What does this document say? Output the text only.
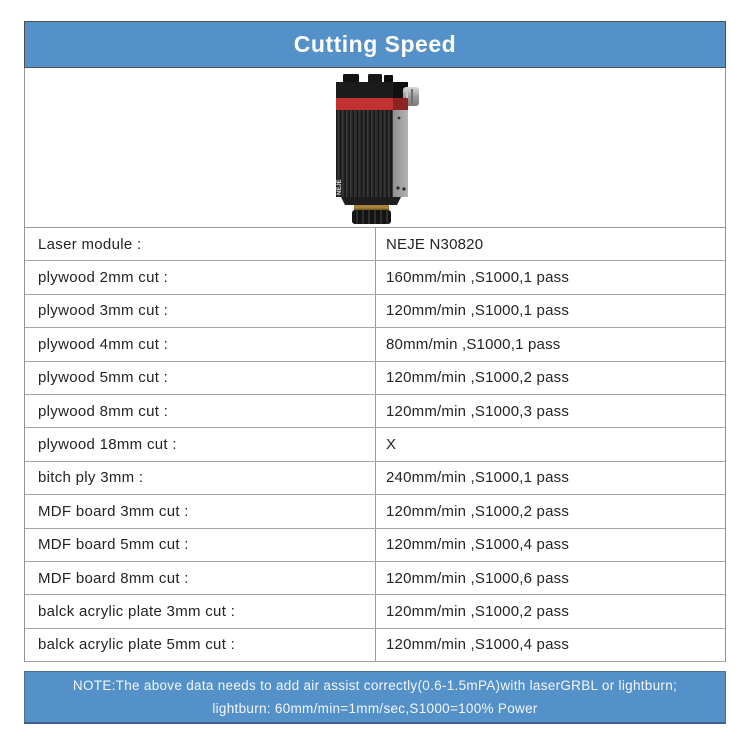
Cutting Speed
NEJE
Laser module :	NEJE N30820
plywood 2mm cut :	160mm/min ,S1000,1 pass
plywood 3mm cut :	120mm/min ,S1000,1 pass
plywood 4mm cut :	80mm/min ,S1000,1 pass
plywood 5mm cut :	120mm/min ,S1000,2 pass
plywood 8mm cut :	120mm/min ,S1000,3 pass
plywood 18mm cut :	X
bitch ply 3mm :	240mm/min ,S1000,1 pass
MDF board 3mm cut :	120mm/min ,S1000,2 pass
MDF board 5mm cut :	120mm/min ,S1000,4 pass
MDF board 8mm cut :	120mm/min ,S1000,6 pass
balck acrylic plate 3mm cut :	120mm/min ,S1000,2 pass
balck acrylic plate 5mm cut :	120mm/min ,S1000,4 pass
NOTE:The above data needs to add air assist correctly(0.6-1.5mPA)with laserGRBL or lightburn;
lightburn: 60mm/min=1mm/sec,S1000=100% Power
